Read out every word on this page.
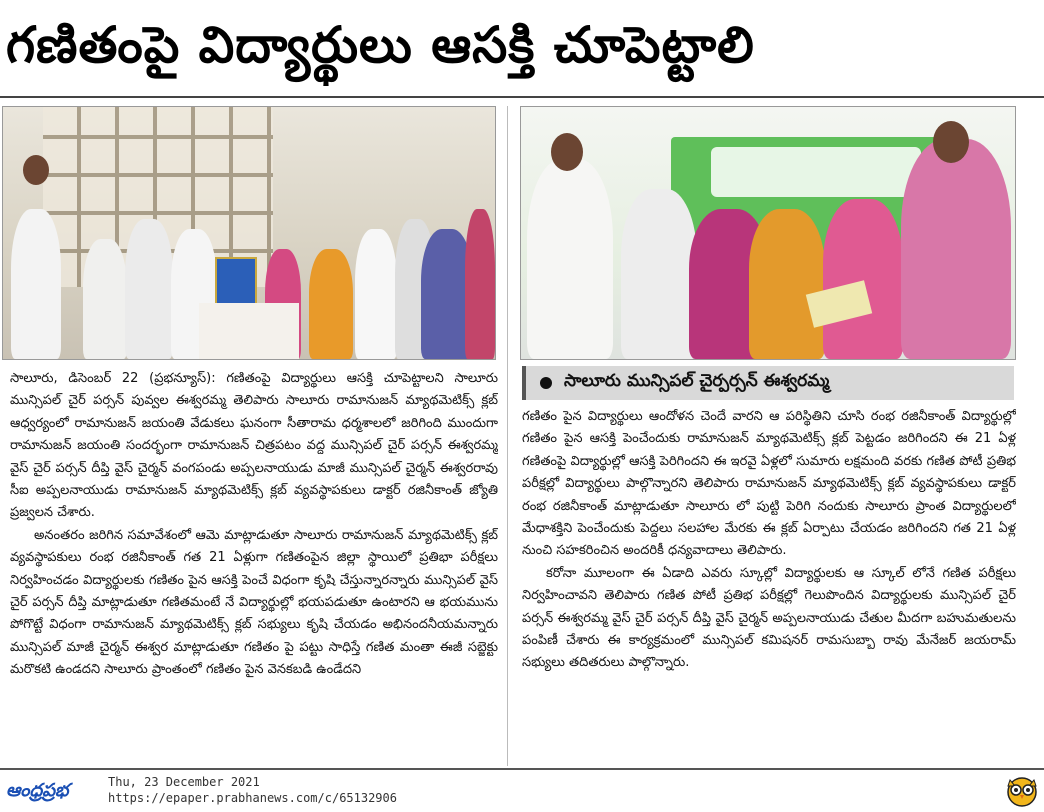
గణితంపై విద్యార్థులు ఆసక్తి చూపెట్టాలి

సాలూరు, డిసెంబర్ 22 (ప్రభన్యూస్): గణితంపై విద్యార్థులు ఆసక్తి చూపెట్టాలని సాలూరు మున్సిపల్ చైర్ పర్సన్ పువ్వల ఈశ్వరమ్మ తెలిపారు సాలూరు రామానుజన్ మ్యాథమెటిక్స్ క్లబ్ ఆధ్వర్యంలో రామానుజన్ జయంతి వేడుకలు ఘనంగా సీతారామ ధర్మశాలలో జరిగింది ముందుగా రామానుజన్ జయంతి సందర్భంగా రామానుజన్ చిత్రపటం వద్ద మున్సిపల్ చైర్ పర్సన్ ఈశ్వరమ్మ వైస్ చైర్ పర్సన్ దీప్తి వైస్ చైర్మన్ వంగపండు అప్పలనాయుడు మాజీ మున్సిపల్ చైర్మన్ ఈశ్వరరావు సీఐ అప్పలనాయుడు రామానుజన్ మ్యాథమెటిక్స్ క్లబ్ వ్యవస్థాపకులు డాక్టర్ రజినీకాంత్ జ్యోతి ప్రజ్వలన చేశారు.

అనంతరం జరిగిన సమావేశంలో ఆమె మాట్లాడుతూ సాలూరు రామానుజన్ మ్యాథమెటిక్స్ క్లబ్ వ్యవస్థాపకులు రంభ రజినీకాంత్ గత 21 ఏళ్లుగా గణితంపైన జిల్లా స్థాయిలో ప్రతిభా పరీక్షలు నిర్వహించడం విద్యార్థులకు గణితం పైన ఆసక్తి పెంచే విధంగా కృషి చేస్తున్నారన్నారు మున్సిపల్ వైస్ చైర్ పర్సన్ దీప్తి మాట్లాడుతూ గణితమంటే నే విద్యార్థుల్లో భయపడుతూ ఉంటారని ఆ భయమును పోగొట్టే విధంగా రామానుజన్ మ్యాథమెటిక్స్ క్లబ్ సభ్యులు కృషి చేయడం అభినందనీయమన్నారు మున్సిపల్ మాజీ చైర్మన్ ఈశ్వర మాట్లాడుతూ గణితం పై పట్టు సాధిస్తే గణిత మంతా ఈజీ సబ్జెక్టు మరొకటి ఉండదని సాలూరు ప్రాంతంలో గణితం పైన వెనకబడి ఉండేదని

సాలూరు మున్సిపల్ చైర్పర్సన్ ఈశ్వరమ్మ

గణితం పైన విద్యార్థులు ఆందోళన చెందే వారని ఆ పరిస్థితిని చూసి రంభ రజినీకాంత్ విద్యార్థుల్లో గణితం పైన ఆసక్తి పెంచేందుకు రామానుజన్ మ్యాథమెటిక్స్ క్లబ్ పెట్టడం జరిగిందని ఈ 21 ఏళ్ల గణితంపై విద్యార్థుల్లో ఆసక్తి పెరిగిందని ఈ ఇరవై ఏళ్లలో సుమారు లక్షమంది వరకు గణిత పోటీ ప్రతిభ పరీక్షల్లో విద్యార్థులు పాల్గొన్నారని తెలిపారు రామానుజన్ మ్యాథమెటిక్స్ క్లబ్ వ్యవస్థాపకులు డాక్టర్ రంభ రజినీకాంత్ మాట్లాడుతూ సాలూరు లో పుట్టి పెరిగి నందుకు సాలూరు ప్రాంత విద్యార్థులలో మేధాశక్తిని పెంచేందుకు పెద్దలు సలహాల మేరకు ఈ క్లబ్ ఏర్పాటు చేయడం జరిగిందని గత 21 ఏళ్ల నుంచి సహకరించిన అందరికీ ధన్యవాదాలు తెలిపారు.

కరోనా మూలంగా ఈ ఏడాది ఎవరు స్కూల్లో విద్యార్థులకు ఆ స్కూల్ లోనే గణిత పరీక్షలు నిర్వహించావని తెలిపారు గణిత పోటీ ప్రతిభ పరీక్షల్లో గెలుపొందిన విద్యార్థులకు మున్సిపల్ చైర్ పర్సన్ ఈశ్వరమ్మ వైస్ చైర్ పర్సన్ దీప్తి వైస్ చైర్మన్ అప్పలనాయుడు చేతుల మీదగా బహుమతులను పంపిణీ చేశారు ఈ కార్యక్రమంలో మున్సిపల్ కమిషనర్ రామసుబ్బా రావు మేనేజర్ జయరామ్ సభ్యులు తదితరులు పాల్గొన్నారు.

ఆంధ్రప్రభ	Thu, 23 December 2021
https://epaper.prabhanews.com/c/65132906
